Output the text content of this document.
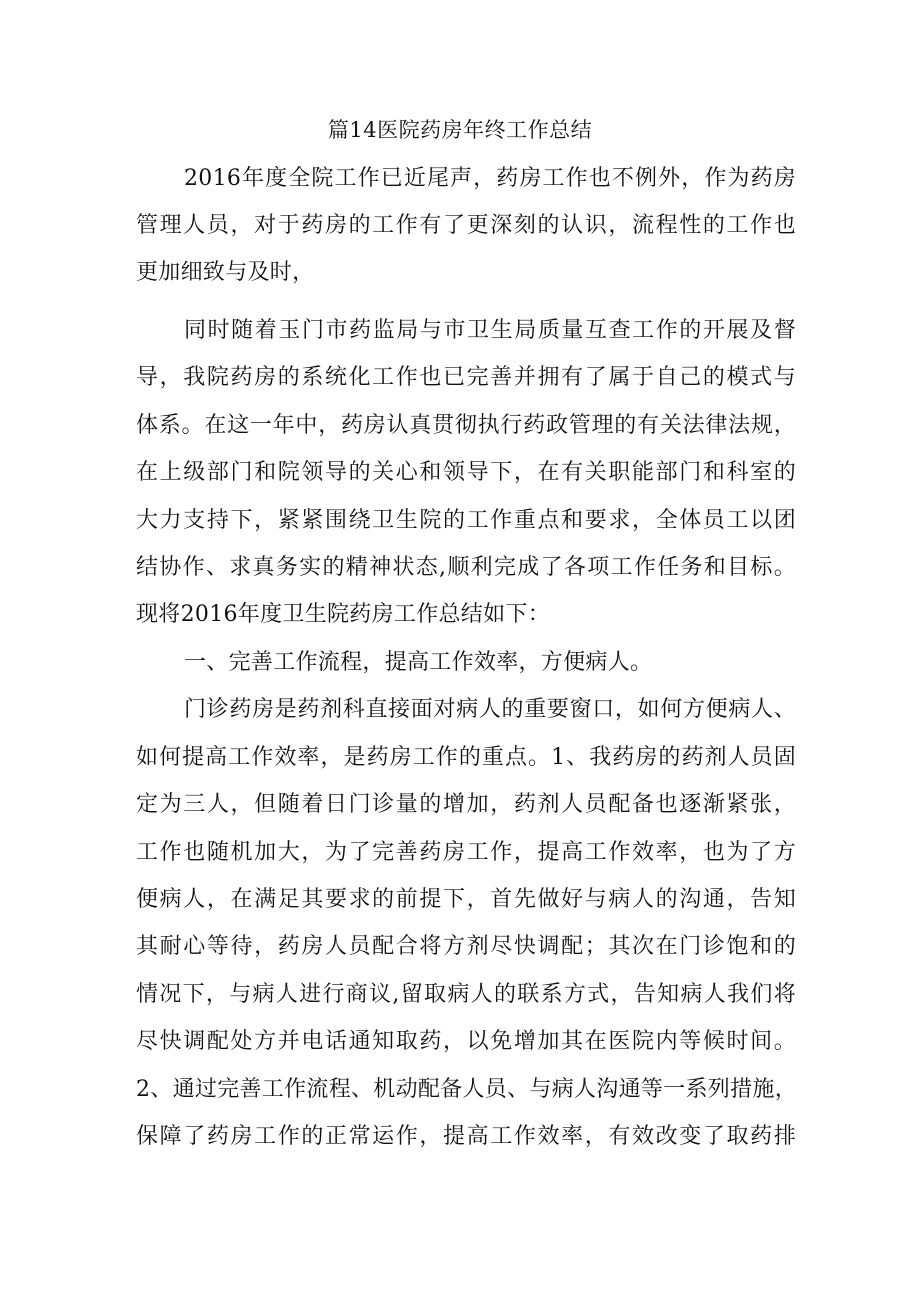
篇14医院药房年终工作总结
2016年度全院工作已近尾声，药房工作也不例外，作为药房
管理人员，对于药房的工作有了更深刻的认识，流程性的工作也
更加细致与及时，
同时随着玉门市药监局与市卫生局质量互查工作的开展及督
导，我院药房的系统化工作也已完善并拥有了属于自己的模式与
体系。在这一年中，药房认真贯彻执行药政管理的有关法律法规，
在上级部门和院领导的关心和领导下，在有关职能部门和科室的
大力支持下，紧紧围绕卫生院的工作重点和要求，全体员工以团
结协作、求真务实的精神状态,顺利完成了各项工作任务和目标。
现将2016年度卫生院药房工作总结如下：
一、完善工作流程，提高工作效率，方便病人。
门诊药房是药剂科直接面对病人的重要窗口，如何方便病人、
如何提高工作效率，是药房工作的重点。1、我药房的药剂人员固
定为三人，但随着日门诊量的增加，药剂人员配备也逐渐紧张，
工作也随机加大，为了完善药房工作，提高工作效率，也为了方
便病人，在满足其要求的前提下，首先做好与病人的沟通，告知
其耐心等待，药房人员配合将方剂尽快调配；其次在门诊饱和的
情况下，与病人进行商议,留取病人的联系方式，告知病人我们将
尽快调配处方并电话通知取药，以免增加其在医院内等候时间。
2、通过完善工作流程、机动配备人员、与病人沟通等一系列措施，
保障了药房工作的正常运作，提高工作效率，有效改变了取药排
